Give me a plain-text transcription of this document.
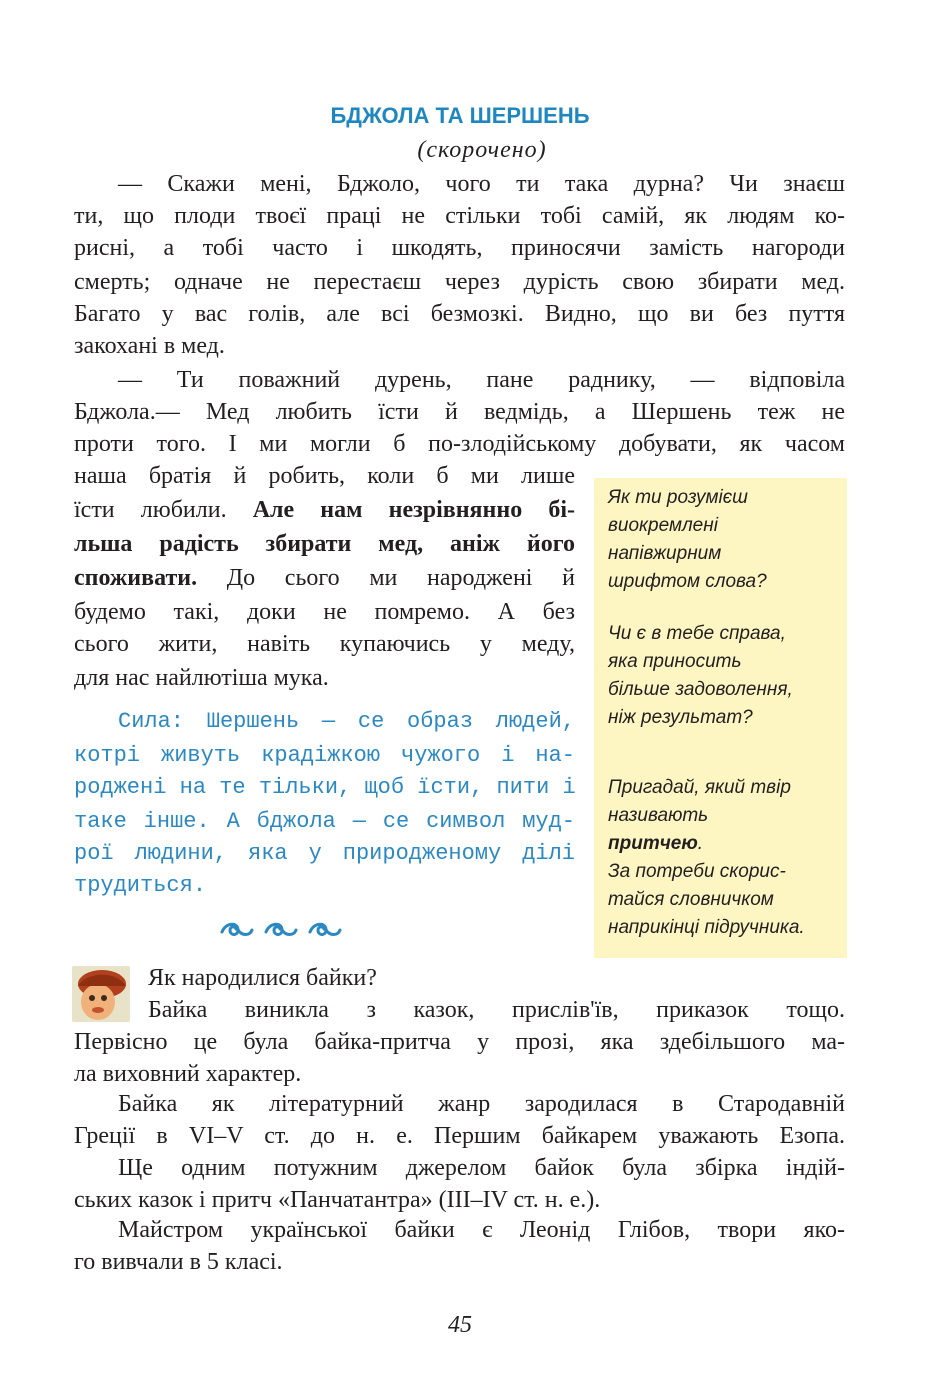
БДЖОЛА ТА ШЕРШЕНЬ
(скорочено)
— Скажи мені, Бджоло, чого ти така дурна? Чи знаєш
ти, що плоди твоєї праці не стільки тобі самій, як людям ко-
рисні, а тобі часто і шкодять, приносячи замість нагороди
смерть; одначе не перестаєш через дурість свою збирати мед.
Багато у вас голів, але всі безмозкі. Видно, що ви без пуття
закохані в мед.
— Ти поважний дурень, пане раднику, — відповіла
Бджола.— Мед любить їсти й ведмідь, а Шершень теж не
проти того. І ми могли б по-злодійському добувати, як часом
наша братія й робить, коли б ми лише
їсти любили. Але нам незрівнянно бі-
льша радість збирати мед, аніж його
споживати. До сього ми народжені й
будемо такі, доки не помремо. А без
сього жити, навіть купаючись у меду,
для нас найлютіша мука.
Сила: Шершень — се образ людей,
котрі живуть крадіжкою чужого і на-
роджені на те тільки, щоб їсти, пити і
таке інше. А бджола — се символ муд-
рої людини, яка у природженому ділі
трудиться.
Як ти розумієш
виокремлені
напівжирним
шрифтом слова?
Чи є в тебе справа,
яка приносить
більше задоволення,
ніж результат?
Пригадай, який твір
називають
притчею.
За потреби скорис-
тайся словничком
наприкінці підручника.
Як народилися байки?
Байка виникла з казок, прислів'їв, приказок тощо.
Первісно це була байка-притча у прозі, яка здебільшого ма-
ла виховний характер.
Байка як літературний жанр зародилася в Стародавній
Греції в VI–V ст. до н. е. Першим байкарем уважають Езопа.
Ще одним потужним джерелом байок була збірка індій-
ських казок і притч «Панчатантра» (III–IV ст. н. е.).
Майстром української байки є Леонід Глібов, твори яко-
го вивчали в 5 класі.
45
